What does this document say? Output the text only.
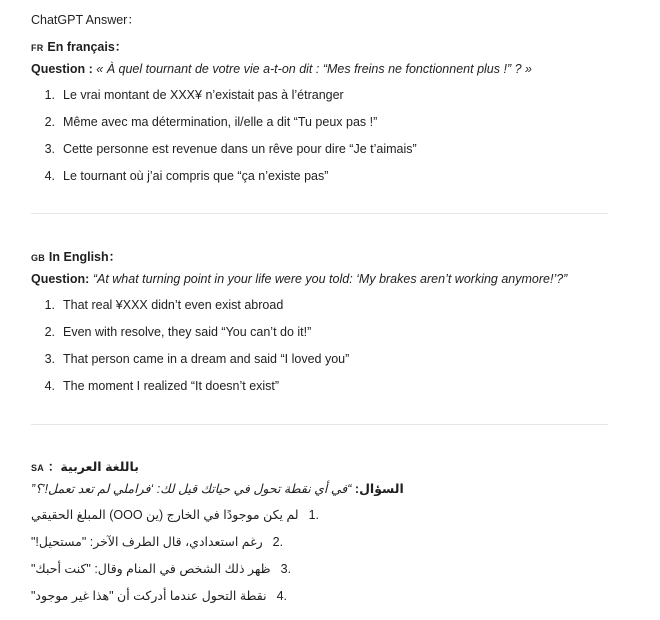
ChatGPT Answer：
FR En français：
Question : « À quel tournant de votre vie a-t-on dit : “Mes freins ne fonctionnent plus !” ? »
1. Le vrai montant de XXX¥ n’existait pas à l’étranger
2. Même avec ma détermination, il/elle a dit “Tu peux pas !”
3. Cette personne est revenue dans un rêve pour dire “Je t’aimais”
4. Le tournant où j’ai compris que “ça n’existe pas”
GB In English：
Question: “At what turning point in your life were you told: ‘My brakes aren’t working anymore!’?”
1. That real ¥XXX didn’t even exist abroad
2. Even with resolve, they said “You can’t do it!”
3. That person came in a dream and said “I loved you”
4. The moment I realized “It doesn’t exist”
SA باللغة العربية：
“في أي نقطة تحول في حياتك قيل لك: ‘فراملي لم تعد تعمل!’؟” السؤال:
لم يكن موجودًا في الخارج (ين OOO) المبلغ الحقيقي 1.
رغم استعدادي، قال الطرف الآخر: "مستحيل!" 2.
ظهر ذلك الشخص في المنام وقال: "كنت أحبك" 3.
نقطة التحول عندما أدركت أن "هذا غير موجود" 4.
